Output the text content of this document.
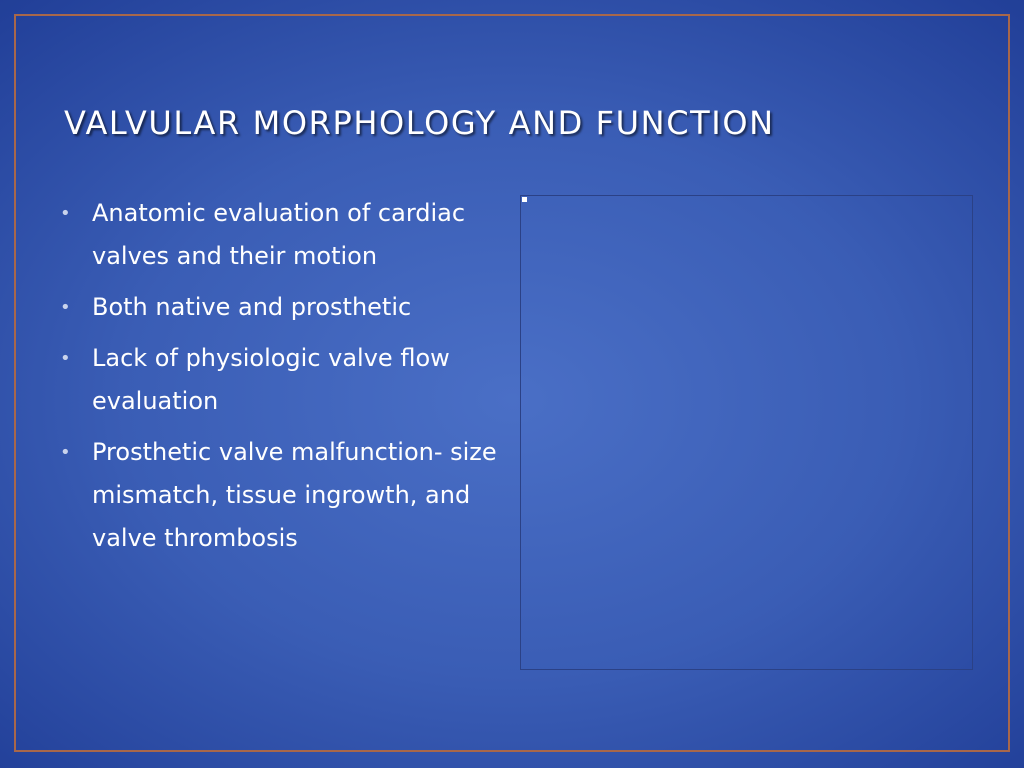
VALVULAR MORPHOLOGY AND FUNCTION
• Anatomic evaluation of cardiac valves and their motion
• Both native and prosthetic
• Lack of physiologic valve flow evaluation
• Prosthetic valve malfunction- size mismatch, tissue ingrowth, and valve thrombosis
